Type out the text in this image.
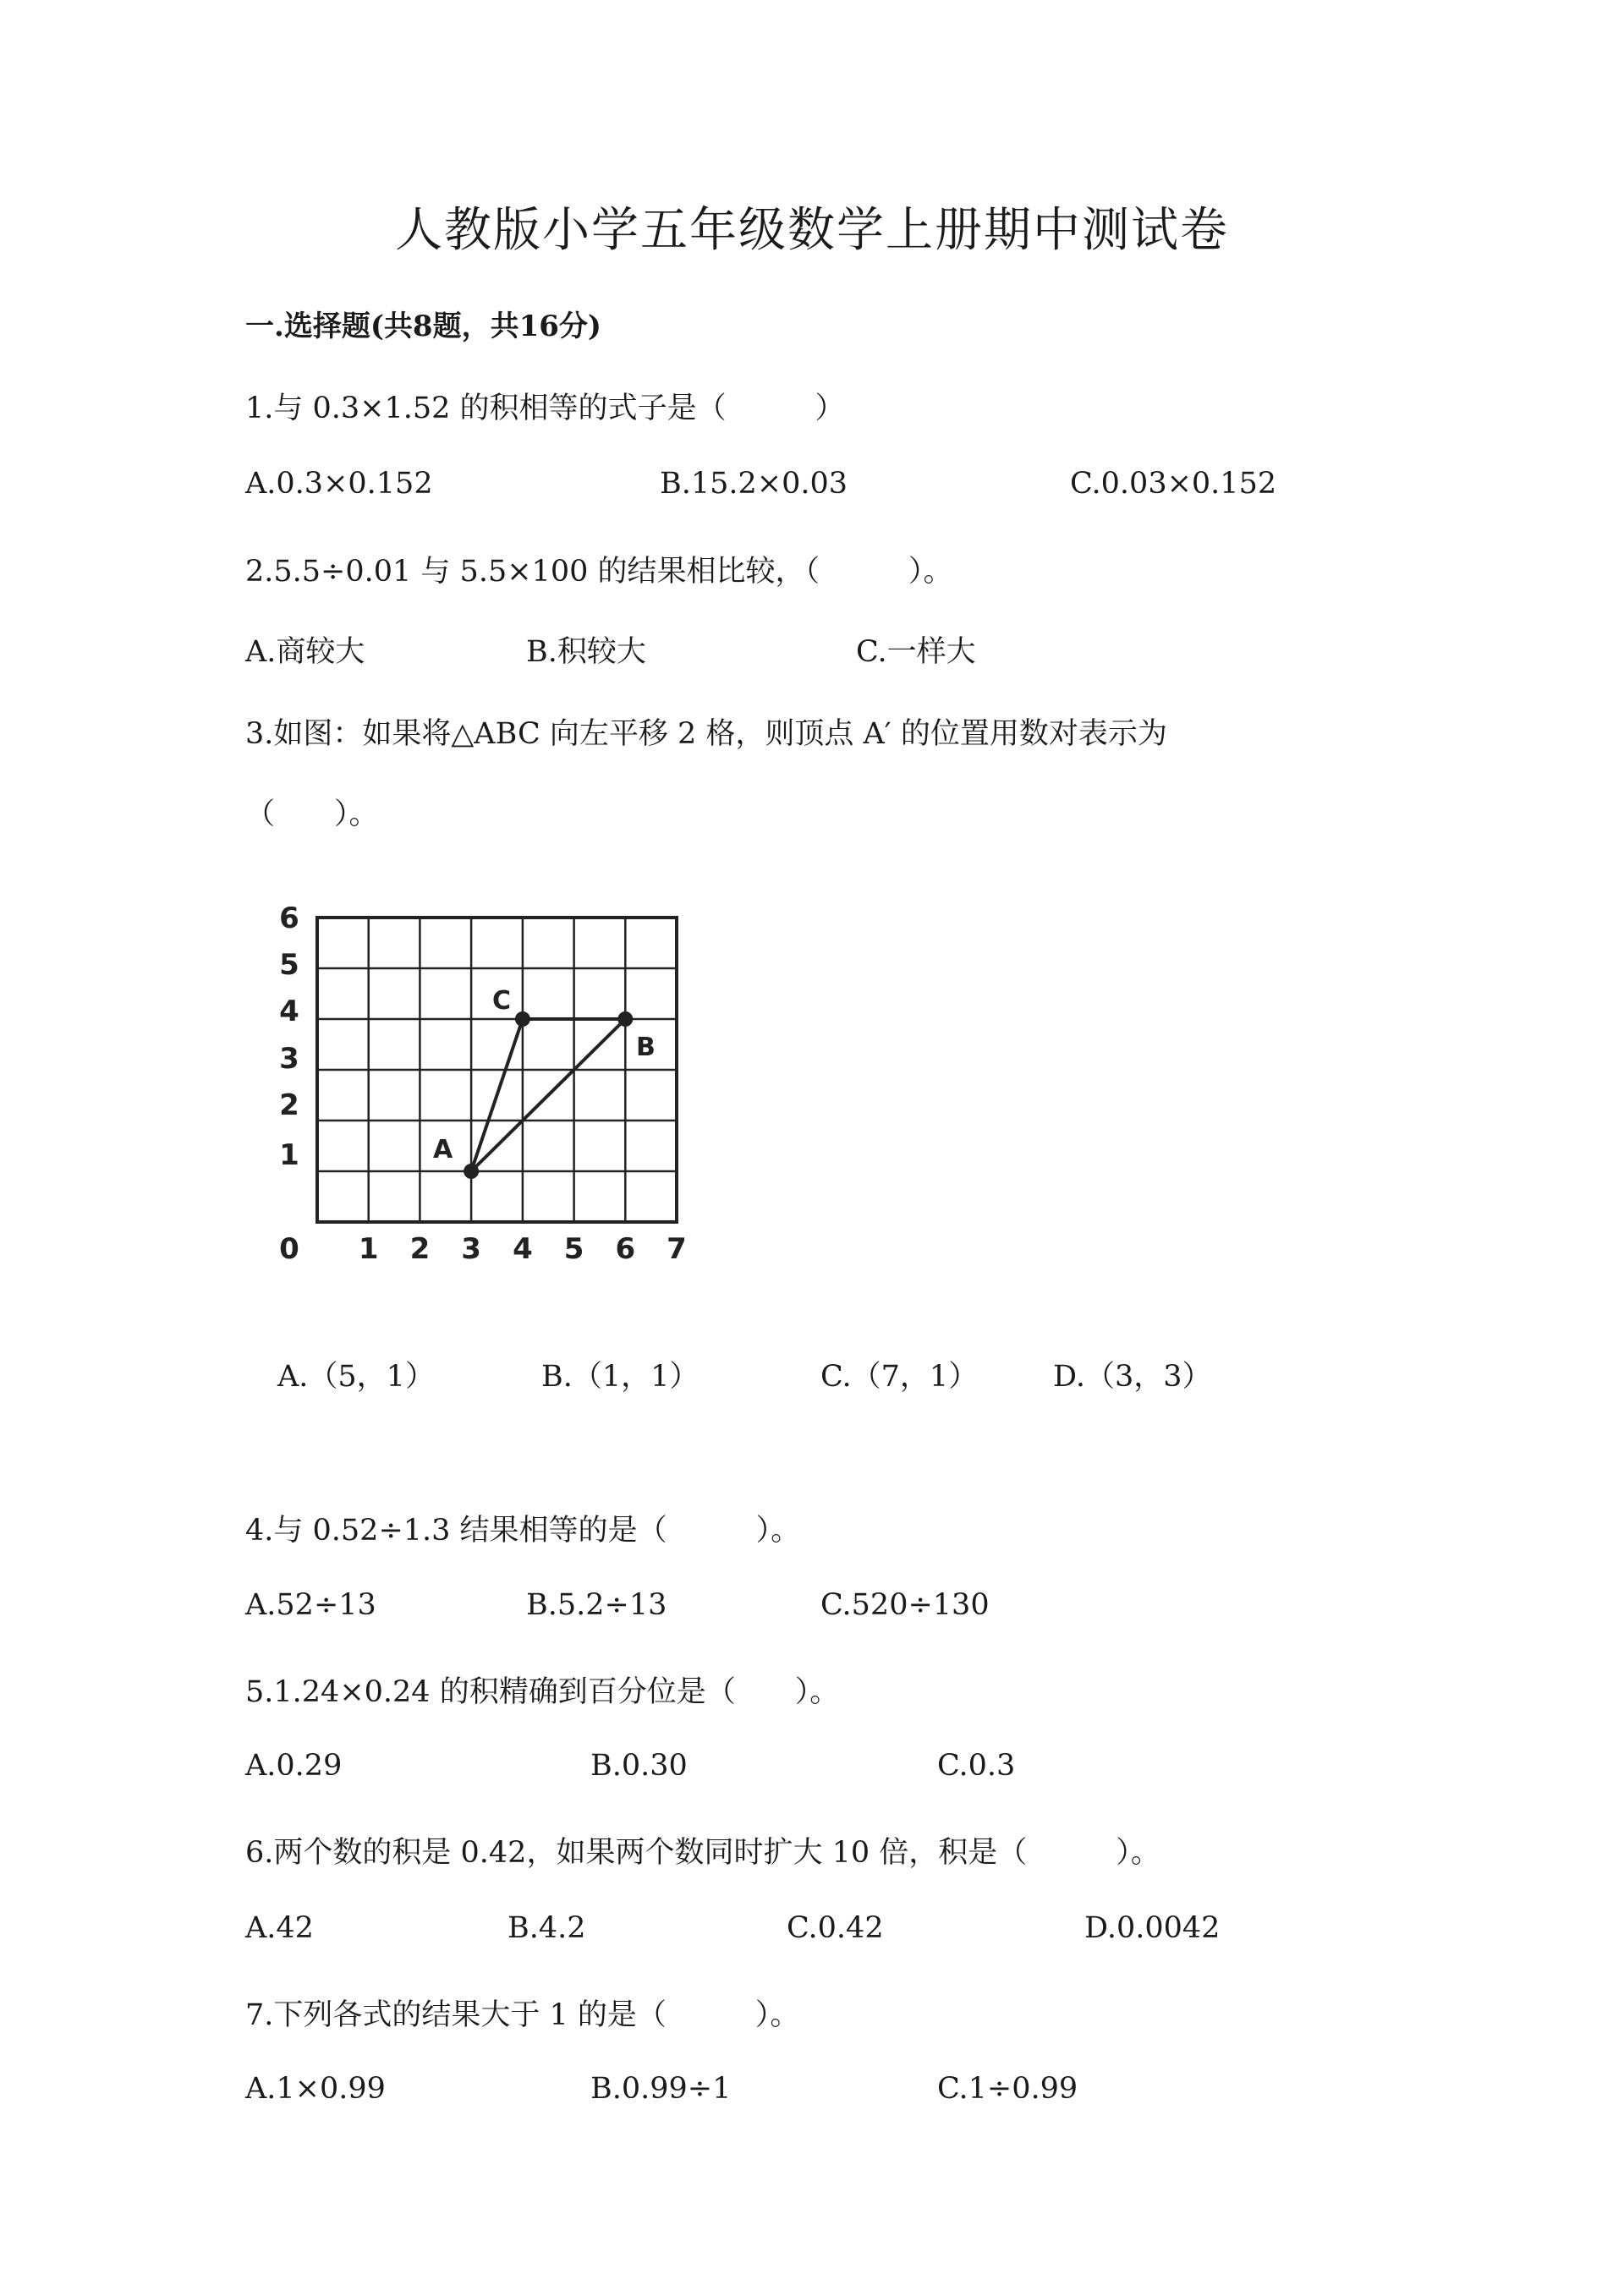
人教版小学五年级数学上册期中测试卷
一.选择题(共8题，共16分)
1.与 0.3×1.52 的积相等的式子是（　　　）
A.0.3×0.152	B.15.2×0.03	C.0.03×0.152
2.5.5÷0.01 与 5.5×100 的结果相比较，（　　　）。
A.商较大	B.积较大	C.一样大
3.如图：如果将△ABC 向左平移 2 格，则顶点 A′ 的位置用数对表示为
（　　）。
A
B
C
6
5
4
3
2
1
0 1 2 3 4 5 6 7
A.（5，1）	B.（1，1）	C.（7，1）	D.（3，3）
4.与 0.52÷1.3 结果相等的是（　　　）。
A.52÷13	B.5.2÷13	C.520÷130
5.1.24×0.24 的积精确到百分位是（　　）。
A.0.29	B.0.30	C.0.3
6.两个数的积是 0.42，如果两个数同时扩大 10 倍，积是（　　　）。
A.42	B.4.2	C.0.42	D.0.0042
7.下列各式的结果大于 1 的是（　　　）。
A.1×0.99	B.0.99÷1	C.1÷0.99
